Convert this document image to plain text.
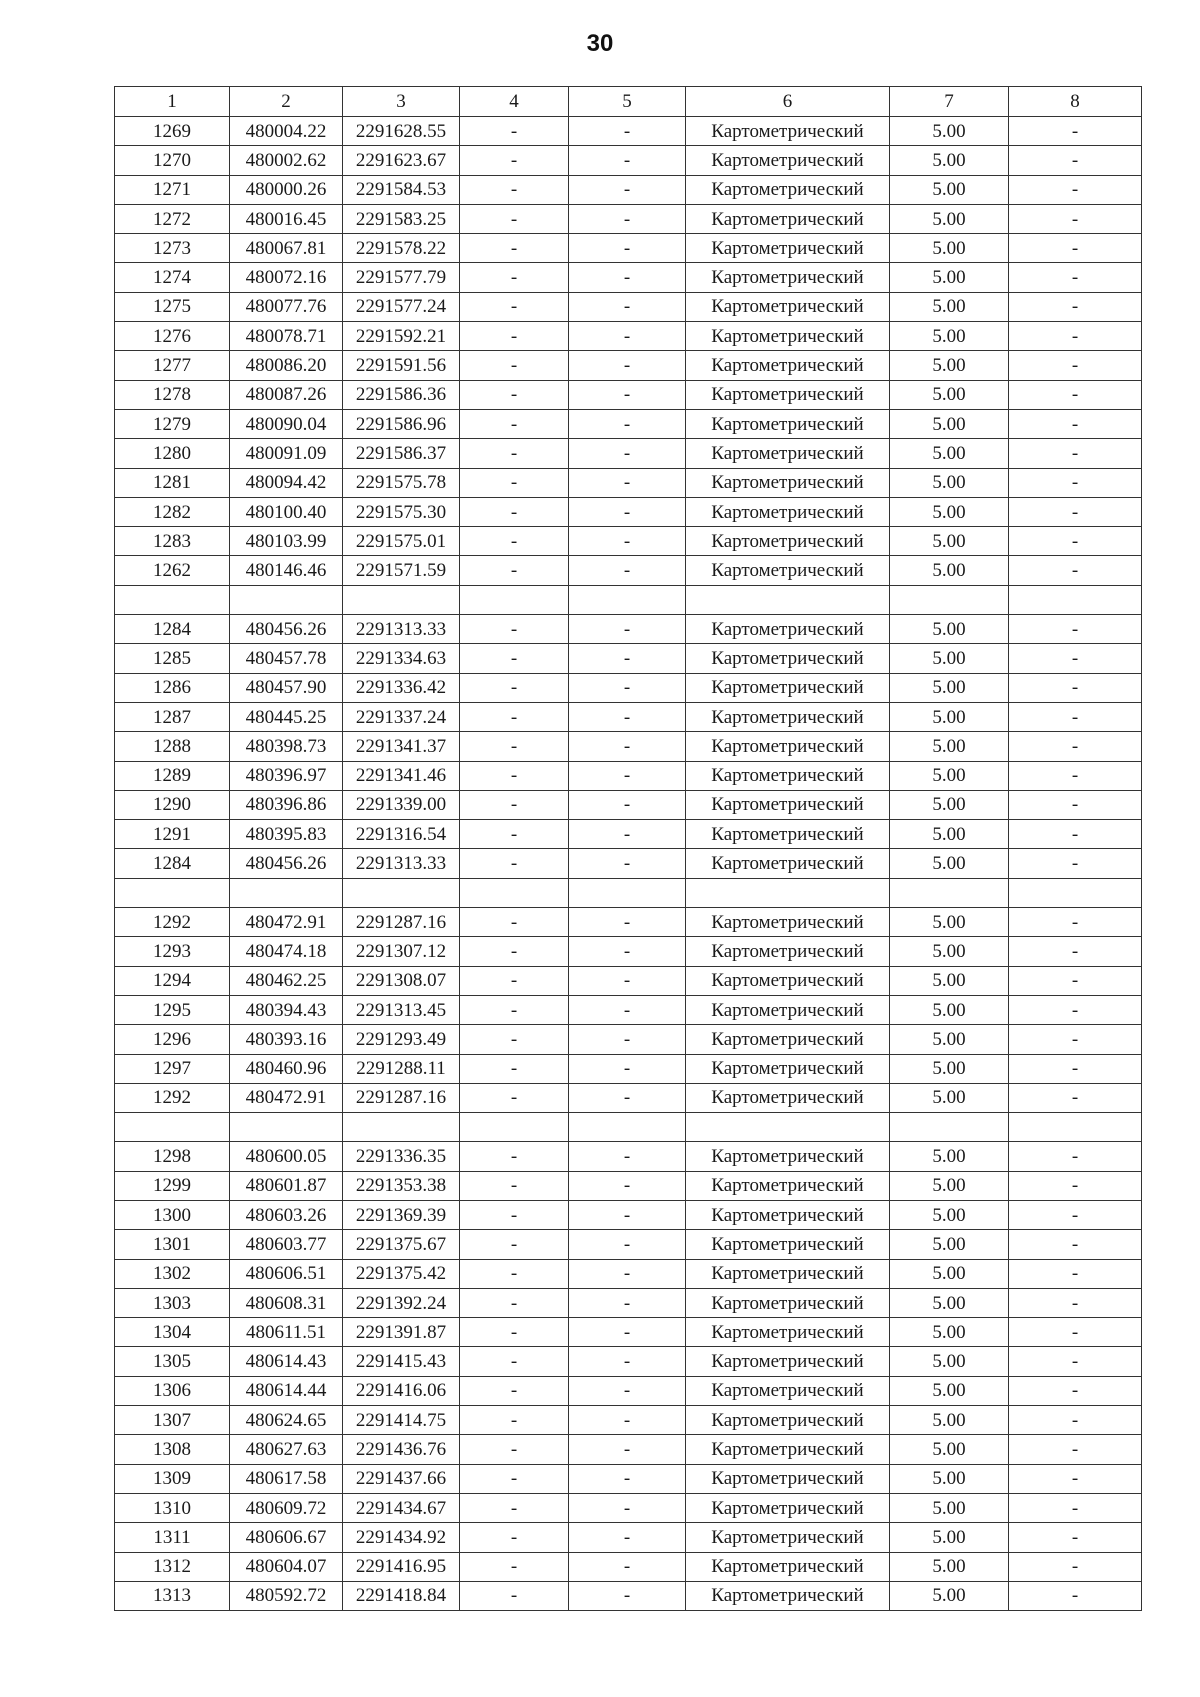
30
1	2	3	4	5	6	7	8
1269	480004.22	2291628.55	-	-	Картометрический	5.00	-
1270	480002.62	2291623.67	-	-	Картометрический	5.00	-
1271	480000.26	2291584.53	-	-	Картометрический	5.00	-
1272	480016.45	2291583.25	-	-	Картометрический	5.00	-
1273	480067.81	2291578.22	-	-	Картометрический	5.00	-
1274	480072.16	2291577.79	-	-	Картометрический	5.00	-
1275	480077.76	2291577.24	-	-	Картометрический	5.00	-
1276	480078.71	2291592.21	-	-	Картометрический	5.00	-
1277	480086.20	2291591.56	-	-	Картометрический	5.00	-
1278	480087.26	2291586.36	-	-	Картометрический	5.00	-
1279	480090.04	2291586.96	-	-	Картометрический	5.00	-
1280	480091.09	2291586.37	-	-	Картометрический	5.00	-
1281	480094.42	2291575.78	-	-	Картометрический	5.00	-
1282	480100.40	2291575.30	-	-	Картометрический	5.00	-
1283	480103.99	2291575.01	-	-	Картометрический	5.00	-
1262	480146.46	2291571.59	-	-	Картометрический	5.00	-

1284	480456.26	2291313.33	-	-	Картометрический	5.00	-
1285	480457.78	2291334.63	-	-	Картометрический	5.00	-
1286	480457.90	2291336.42	-	-	Картометрический	5.00	-
1287	480445.25	2291337.24	-	-	Картометрический	5.00	-
1288	480398.73	2291341.37	-	-	Картометрический	5.00	-
1289	480396.97	2291341.46	-	-	Картометрический	5.00	-
1290	480396.86	2291339.00	-	-	Картометрический	5.00	-
1291	480395.83	2291316.54	-	-	Картометрический	5.00	-
1284	480456.26	2291313.33	-	-	Картометрический	5.00	-

1292	480472.91	2291287.16	-	-	Картометрический	5.00	-
1293	480474.18	2291307.12	-	-	Картометрический	5.00	-
1294	480462.25	2291308.07	-	-	Картометрический	5.00	-
1295	480394.43	2291313.45	-	-	Картометрический	5.00	-
1296	480393.16	2291293.49	-	-	Картометрический	5.00	-
1297	480460.96	2291288.11	-	-	Картометрический	5.00	-
1292	480472.91	2291287.16	-	-	Картометрический	5.00	-

1298	480600.05	2291336.35	-	-	Картометрический	5.00	-
1299	480601.87	2291353.38	-	-	Картометрический	5.00	-
1300	480603.26	2291369.39	-	-	Картометрический	5.00	-
1301	480603.77	2291375.67	-	-	Картометрический	5.00	-
1302	480606.51	2291375.42	-	-	Картометрический	5.00	-
1303	480608.31	2291392.24	-	-	Картометрический	5.00	-
1304	480611.51	2291391.87	-	-	Картометрический	5.00	-
1305	480614.43	2291415.43	-	-	Картометрический	5.00	-
1306	480614.44	2291416.06	-	-	Картометрический	5.00	-
1307	480624.65	2291414.75	-	-	Картометрический	5.00	-
1308	480627.63	2291436.76	-	-	Картометрический	5.00	-
1309	480617.58	2291437.66	-	-	Картометрический	5.00	-
1310	480609.72	2291434.67	-	-	Картометрический	5.00	-
1311	480606.67	2291434.92	-	-	Картометрический	5.00	-
1312	480604.07	2291416.95	-	-	Картометрический	5.00	-
1313	480592.72	2291418.84	-	-	Картометрический	5.00	-
